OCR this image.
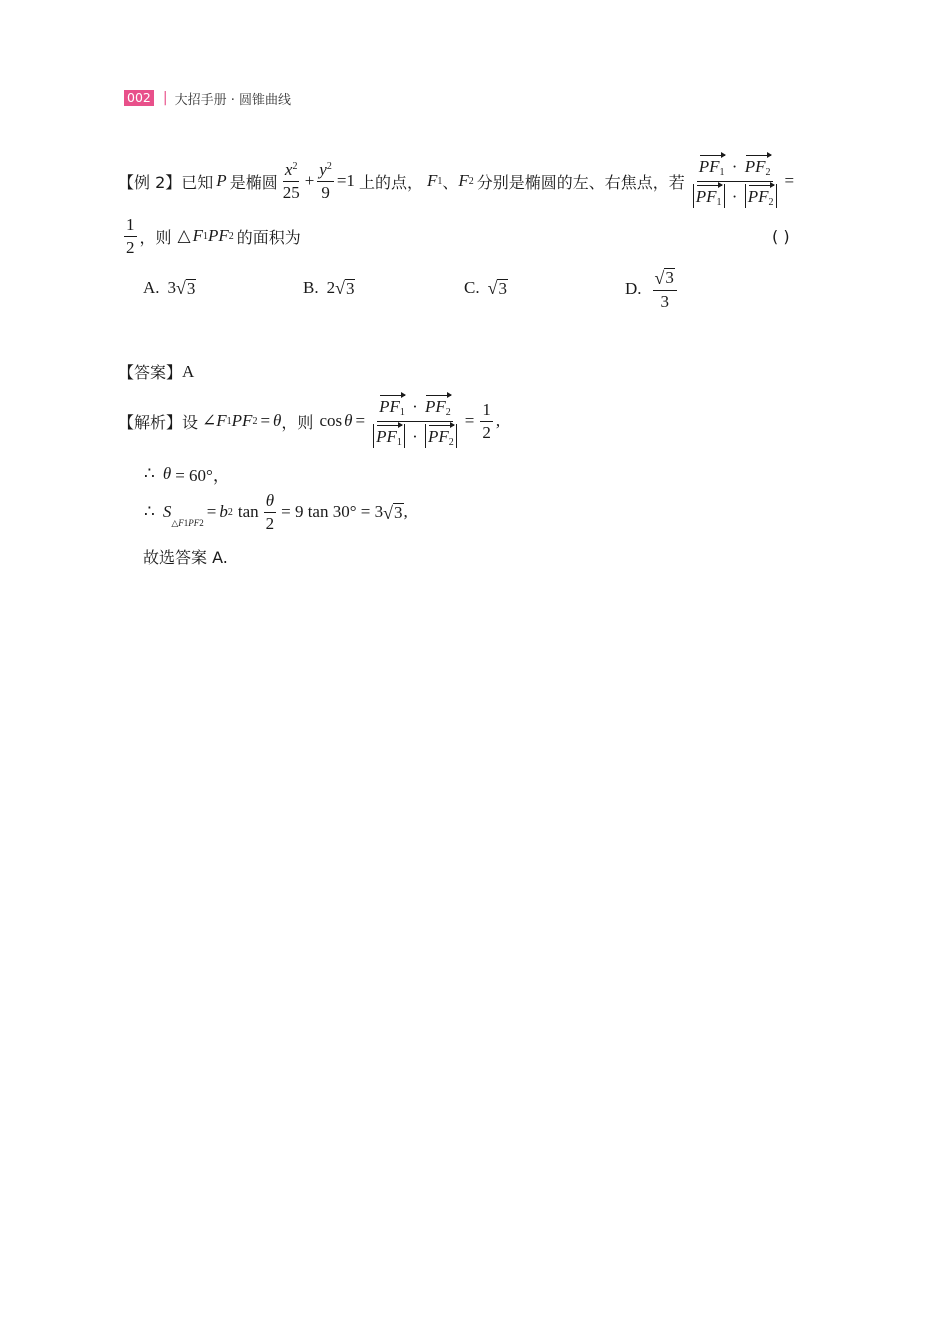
002 | 大招手册 · 圆锥曲线
【例 2】 已知 P 是椭圆 $\frac{x^2}{25} + \frac{y^2}{9} =1$ 上的点， F 1 、 F 2 分别是椭圆的左、右焦点，若 $\frac{PF_1 \cdot PF_2}{PF_1 \cdot PF_2}$ =
$\frac{1}{2}$ ，则 △ F 1 PF 2 的面积为	( )
A. 3 √ 3	B. 2 √ 3	C. √ 3	D. $\frac{√ 3}{3}$
【答案】 A
【解析】 设 ∠ F 1 PF 2 = θ ， 则 $\cos \theta = \frac{PF_1 \cdot PF_2}{PF_1 \cdot PF_2} = \frac{1}{2}$ ,
∴ θ = 60°，
∴ S
△F1PF2
= b 2 $\tan \frac{\theta}{2} = 9$ tan 30° = 3 √ 3 ,
故选答案 A.
